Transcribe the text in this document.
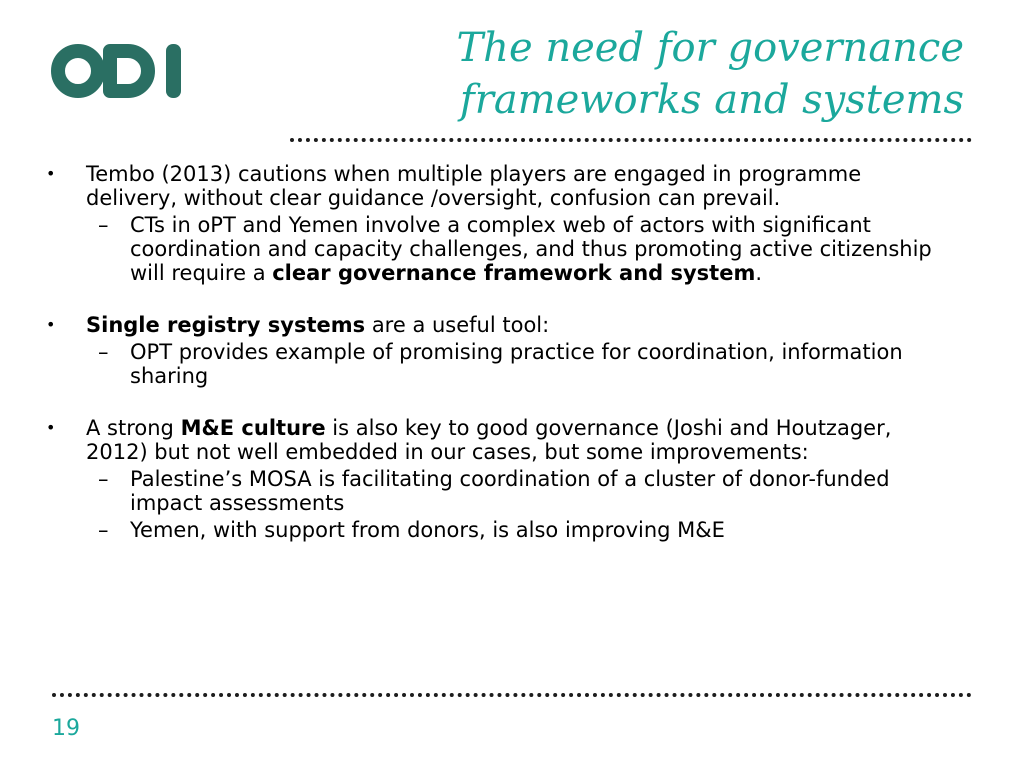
The need for governance
frameworks and systems

• Tembo (2013) cautions when multiple players are engaged in programme delivery, without clear guidance /oversight, confusion can prevail.

– CTs in oPT and Yemen involve a complex web of actors with significant coordination and capacity challenges, and thus promoting active citizenship will require a clear governance framework and system.

• Single registry systems are a useful tool:

– OPT provides example of promising practice for coordination, information sharing

• A strong M&E culture is also key to good governance (Joshi and Houtzager, 2012) but not well embedded in our cases, but some improvements:

– Palestine’s MOSA is facilitating coordination of a cluster of donor-funded impact assessments

– Yemen, with support from donors, is also improving M&E

19
